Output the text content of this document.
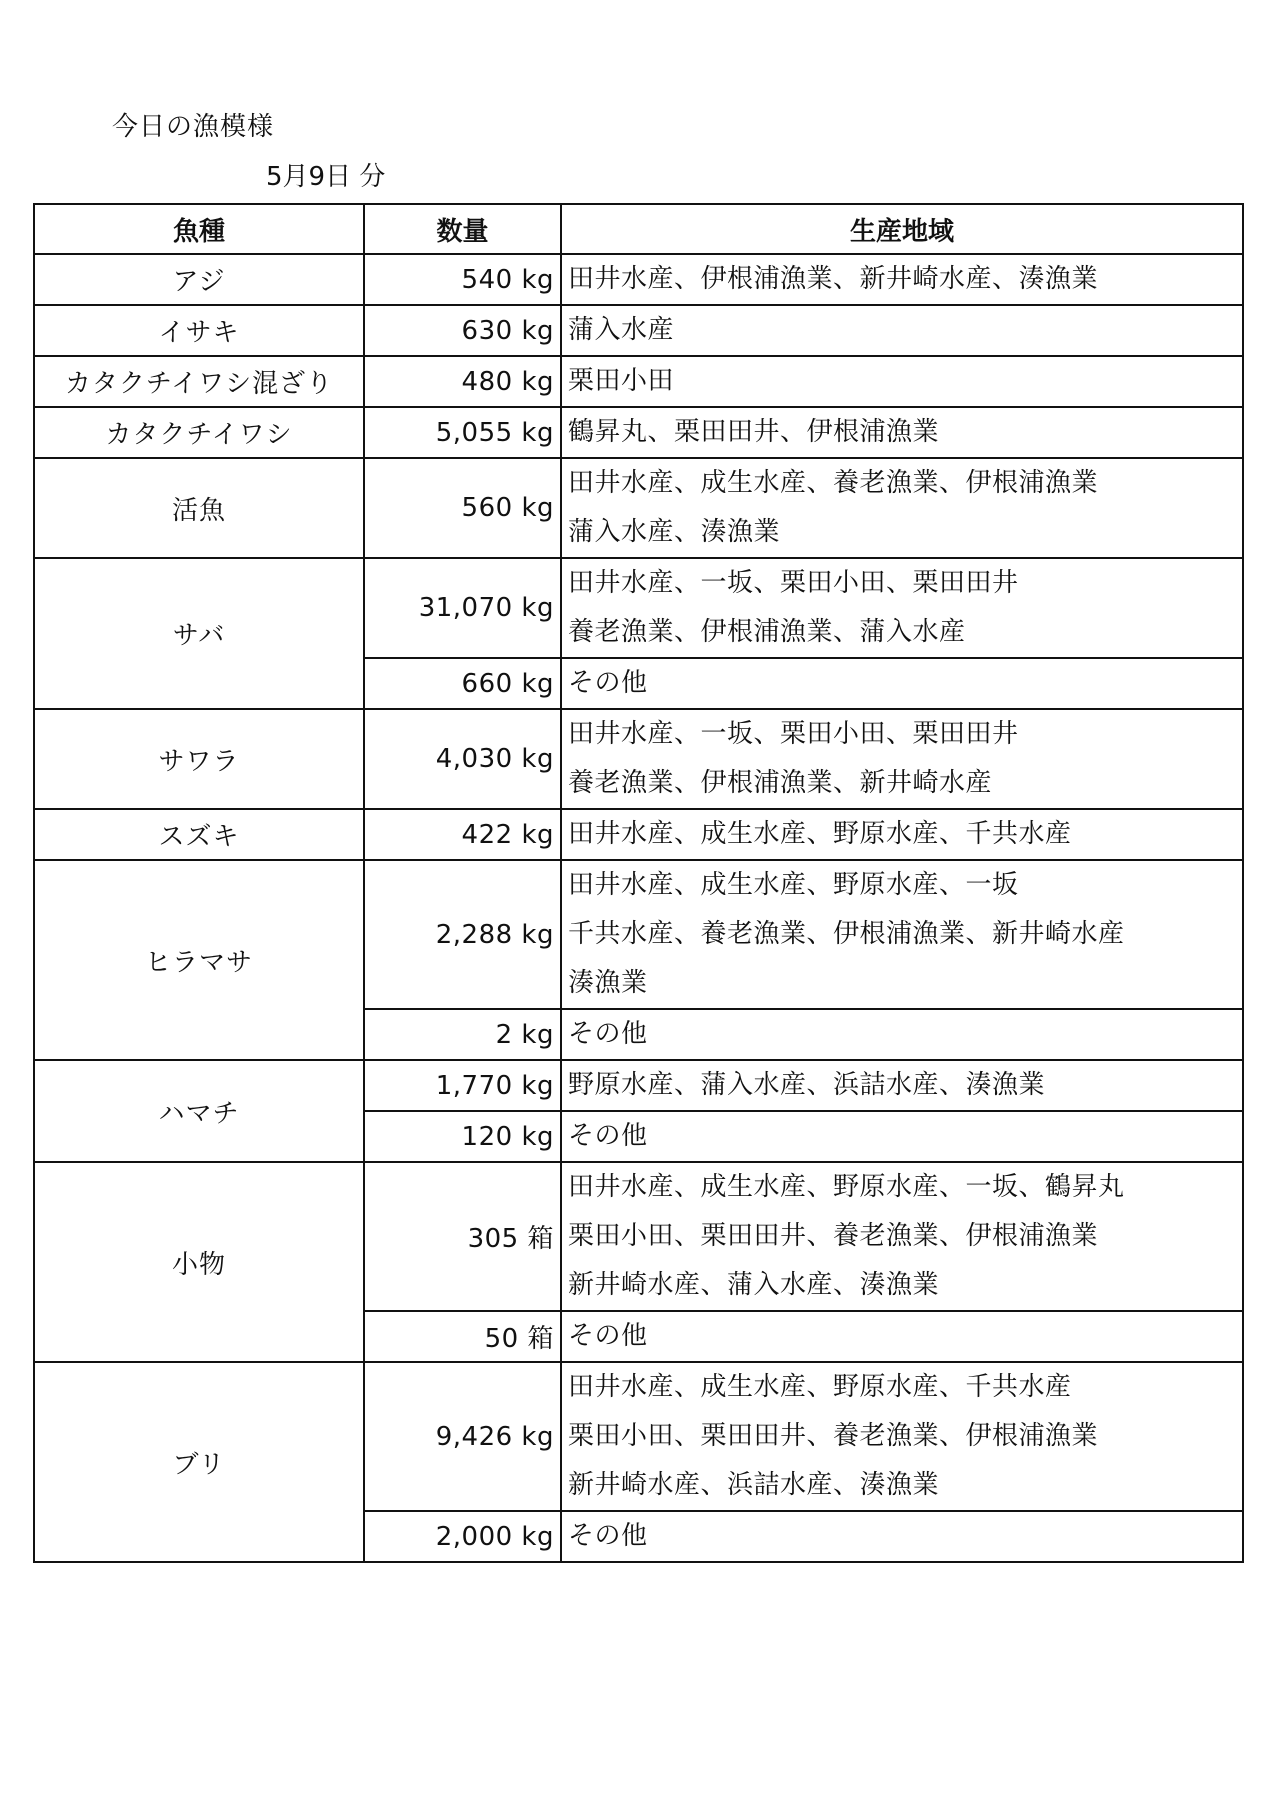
今日の漁模様
5月9日 分
魚種	数量	生産地域
アジ	540 kg	田井水産、伊根浦漁業、新井崎水産、湊漁業

イサキ	630 kg	蒲入水産

カタクチイワシ混ざり	480 kg	栗田小田

カタクチイワシ	5,055 kg	鶴昇丸、栗田田井、伊根浦漁業

活魚	560 kg	田井水産、成生水産、養老漁業、伊根浦漁業
蒲入水産、湊漁業

サバ	31,070 kg	田井水産、一坂、栗田小田、栗田田井
養老漁業、伊根浦漁業、蒲入水産

	660 kg	その他

サワラ	4,030 kg	田井水産、一坂、栗田小田、栗田田井
養老漁業、伊根浦漁業、新井崎水産

スズキ	422 kg	田井水産、成生水産、野原水産、千共水産

ヒラマサ	2,288 kg	田井水産、成生水産、野原水産、一坂
千共水産、養老漁業、伊根浦漁業、新井崎水産
湊漁業

	2 kg	その他

ハマチ	1,770 kg	野原水産、蒲入水産、浜詰水産、湊漁業

	120 kg	その他

小物	305 箱	田井水産、成生水産、野原水産、一坂、鶴昇丸
栗田小田、栗田田井、養老漁業、伊根浦漁業
新井崎水産、蒲入水産、湊漁業

	50 箱	その他

ブリ	9,426 kg	田井水産、成生水産、野原水産、千共水産
栗田小田、栗田田井、養老漁業、伊根浦漁業
新井崎水産、浜詰水産、湊漁業

	2,000 kg	その他
